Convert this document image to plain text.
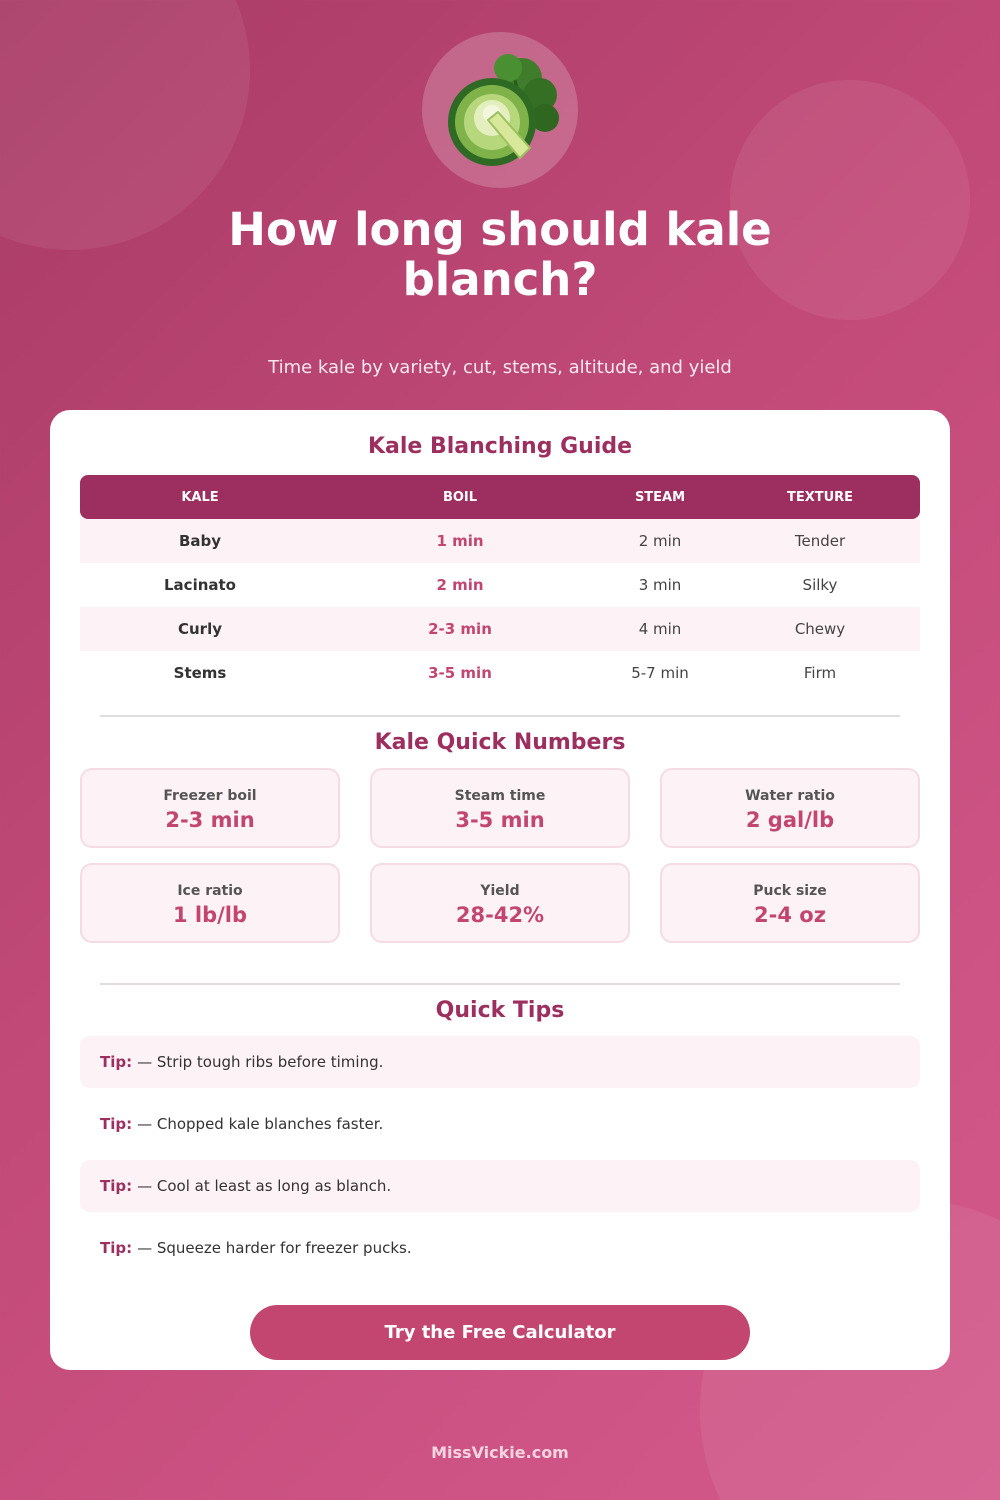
How long should kale blanch?
Time kale by variety, cut, stems, altitude, and yield
Kale Blanching Guide
KALE	BOIL	STEAM	TEXTURE
Baby	1 min	2 min	Tender
Lacinato	2 min	3 min	Silky
Curly	2-3 min	4 min	Chewy
Stems	3-5 min	5-7 min	Firm
Kale Quick Numbers
Freezer boil
2-3 min
Steam time
3-5 min
Water ratio
2 gal/lb
Ice ratio
1 lb/lb
Yield
28-42%
Puck size
2-4 oz
Quick Tips
Tip: — Strip tough ribs before timing.
Tip: — Chopped kale blanches faster.
Tip: — Cool at least as long as blanch.
Tip: — Squeeze harder for freezer pucks.
Try the Free Calculator
MissVickie.com
